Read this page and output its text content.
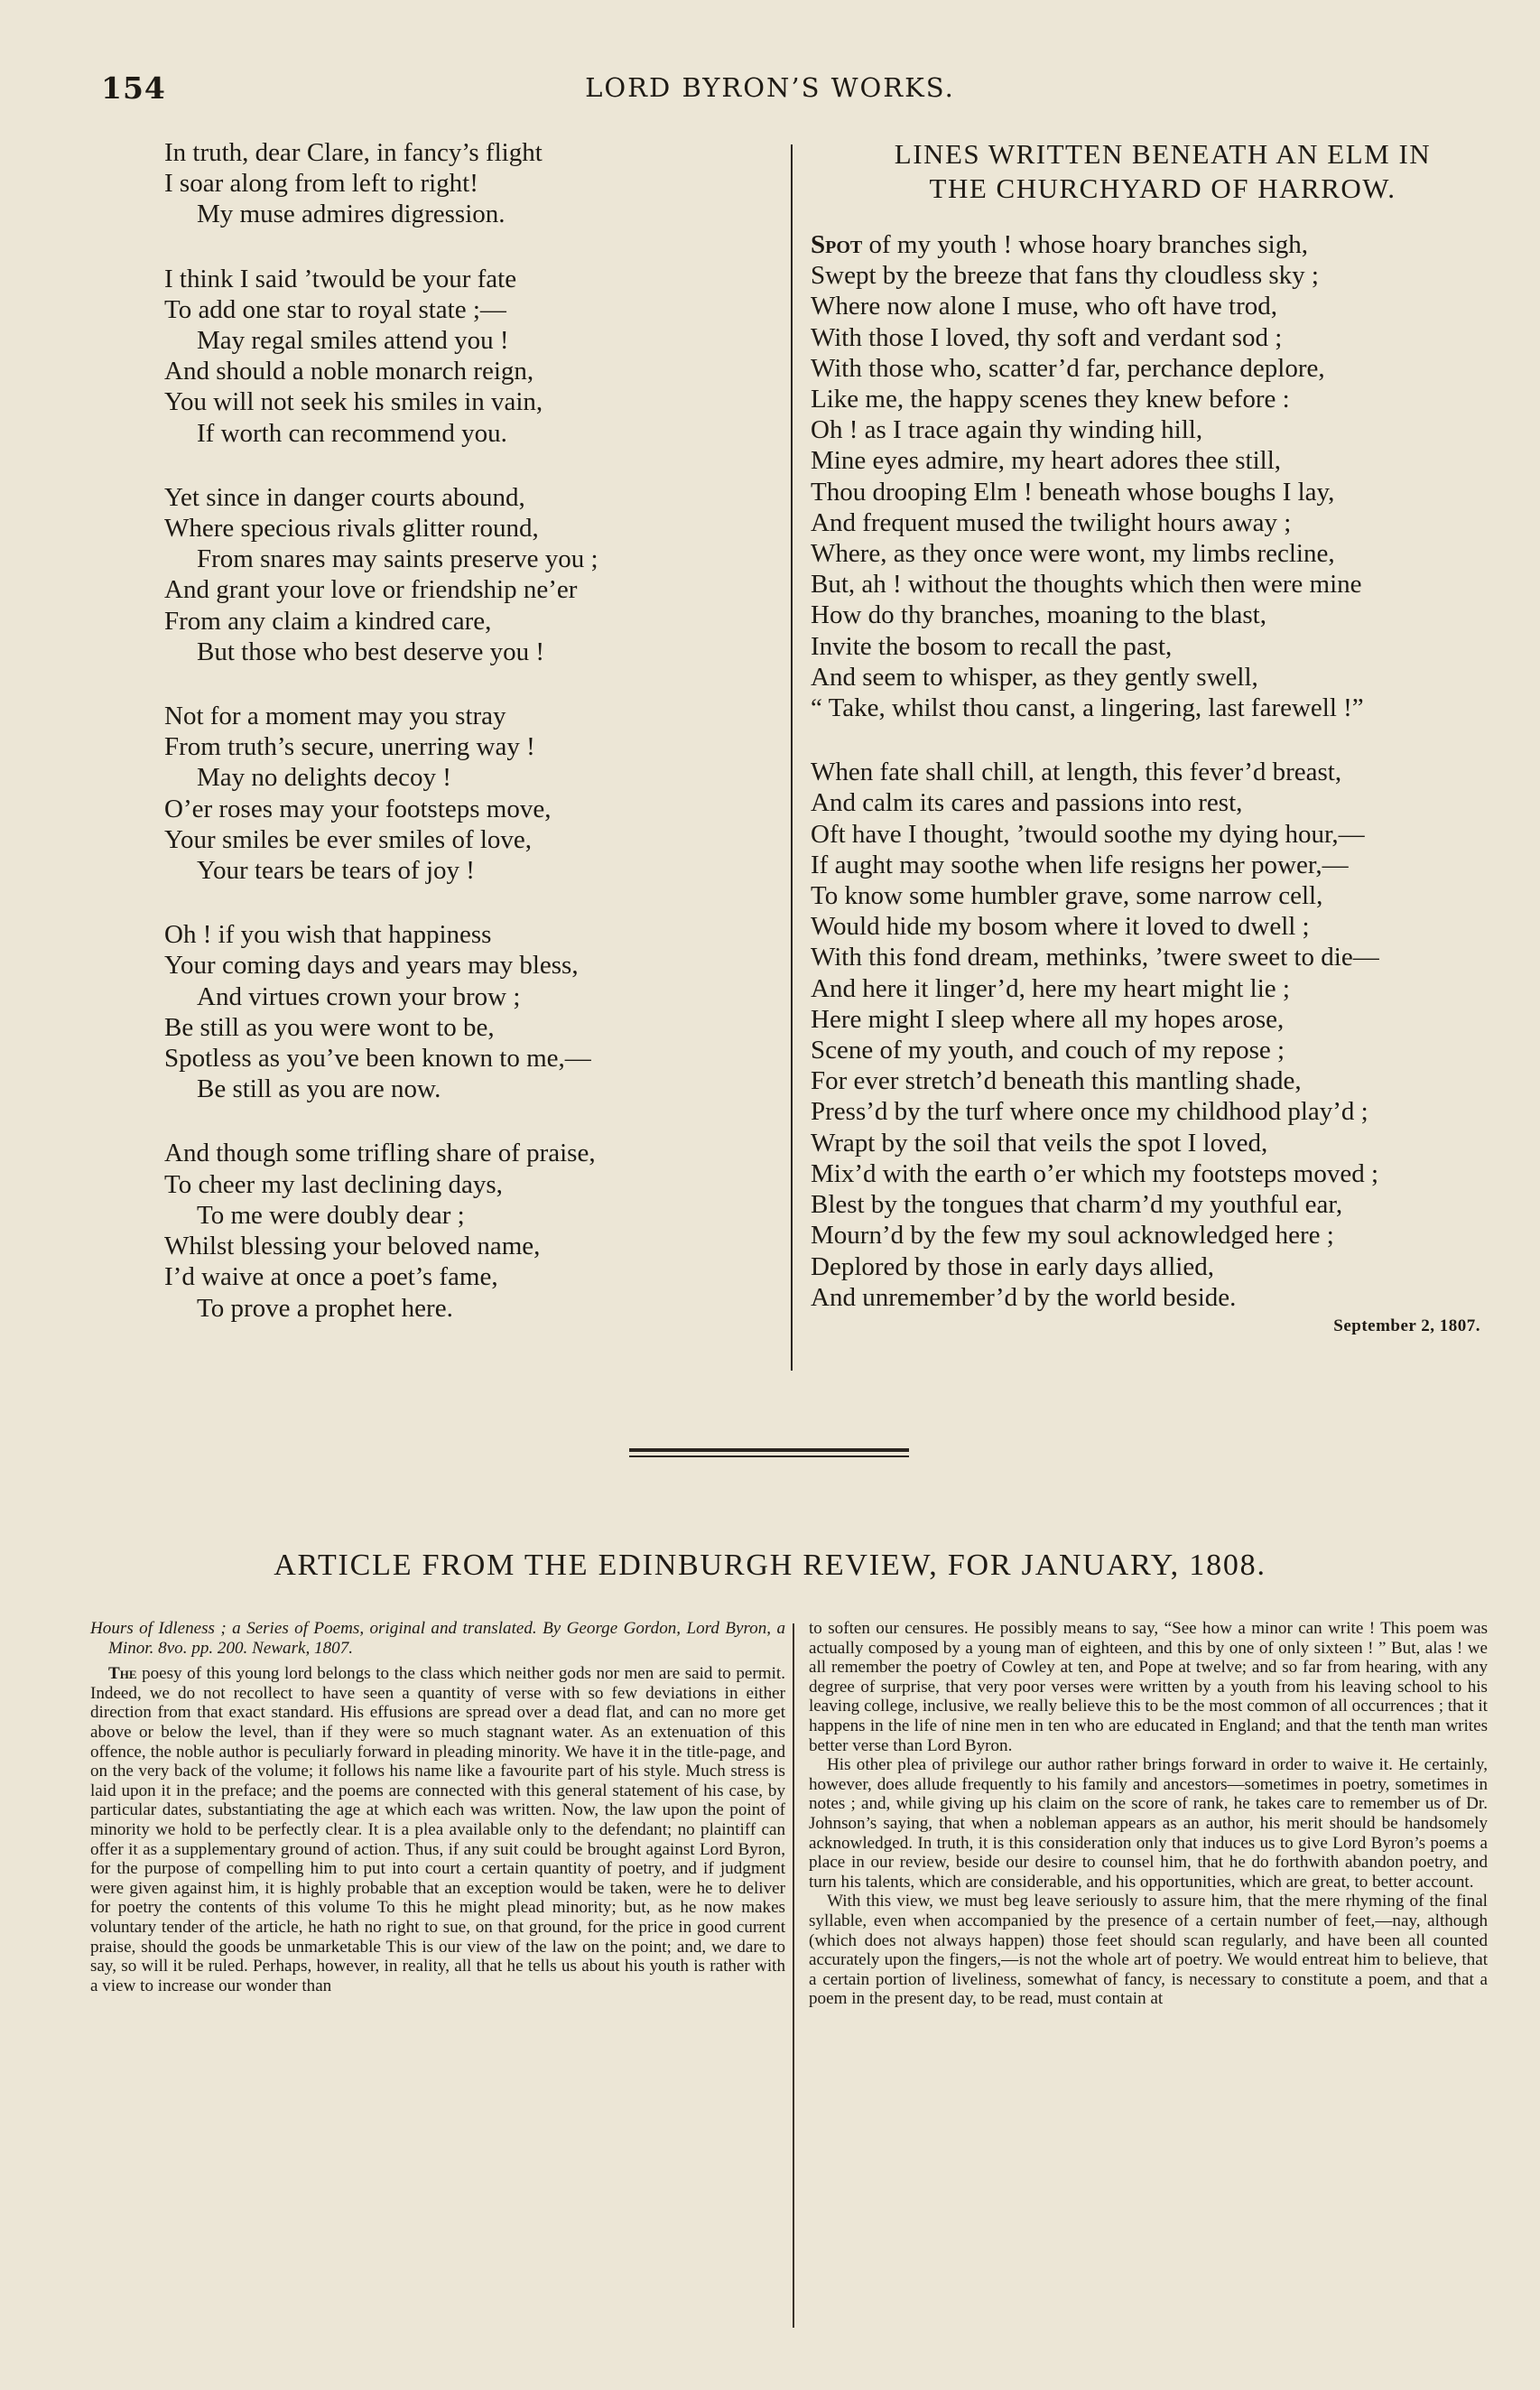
154	LORD BYRON’S WORKS.
In truth, dear Clare, in fancy’s flight
I soar along from left to right!
My muse admires digression.
I think I said ’twould be your fate
To add one star to royal state ;—
May regal smiles attend you !
And should a noble monarch reign,
You will not seek his smiles in vain,
If worth can recommend you.
Yet since in danger courts abound,
Where specious rivals glitter round,
From snares may saints preserve you ;
And grant your love or friendship ne’er
From any claim a kindred care,
But those who best deserve you !
Not for a moment may you stray
From truth’s secure, unerring way !
May no delights decoy !
O’er roses may your footsteps move,
Your smiles be ever smiles of love,
Your tears be tears of joy !
Oh ! if you wish that happiness
Your coming days and years may bless,
And virtues crown your brow ;
Be still as you were wont to be,
Spotless as you’ve been known to me,—
Be still as you are now.
And though some trifling share of praise,
To cheer my last declining days,
To me were doubly dear ;
Whilst blessing your beloved name,
I’d waive at once a poet’s fame,
To prove a prophet here.
LINES WRITTEN BENEATH AN ELM IN
THE CHURCHYARD OF HARROW.
Spot of my youth ! whose hoary branches sigh,
Swept by the breeze that fans thy cloudless sky ;
Where now alone I muse, who oft have trod,
With those I loved, thy soft and verdant sod ;
With those who, scatter’d far, perchance deplore,
Like me, the happy scenes they knew before :
Oh ! as I trace again thy winding hill,
Mine eyes admire, my heart adores thee still,
Thou drooping Elm ! beneath whose boughs I lay,
And frequent mused the twilight hours away ;
Where, as they once were wont, my limbs recline,
But, ah ! without the thoughts which then were mine
How do thy branches, moaning to the blast,
Invite the bosom to recall the past,
And seem to whisper, as they gently swell,
“ Take, whilst thou canst, a lingering, last farewell !”
When fate shall chill, at length, this fever’d breast,
And calm its cares and passions into rest,
Oft have I thought, ’twould soothe my dying hour,—
If aught may soothe when life resigns her power,—
To know some humbler grave, some narrow cell,
Would hide my bosom where it loved to dwell ;
With this fond dream, methinks, ’twere sweet to die—
And here it linger’d, here my heart might lie ;
Here might I sleep where all my hopes arose,
Scene of my youth, and couch of my repose ;
For ever stretch’d beneath this mantling shade,
Press’d by the turf where once my childhood play’d ;
Wrapt by the soil that veils the spot I loved,
Mix’d with the earth o’er which my footsteps moved ;
Blest by the tongues that charm’d my youthful ear,
Mourn’d by the few my soul acknowledged here ;
Deplored by those in early days allied,
And unremember’d by the world beside.
September 2, 1807.
ARTICLE FROM THE EDINBURGH REVIEW, FOR JANUARY, 1808.
Hours of Idleness ; a Series of Poems, original and translated. By George Gordon, Lord Byron, a Minor. 8vo. pp. 200. Newark, 1807.

The poesy of this young lord belongs to the class which neither gods nor men are said to permit. Indeed, we do not recollect to have seen a quantity of verse with so few deviations in either direction from that exact standard. His effusions are spread over a dead flat, and can no more get above or below the level, than if they were so much stagnant water. As an extenuation of this offence, the noble author is peculiarly forward in pleading minority. We have it in the title-page, and on the very back of the volume; it follows his name like a favourite part of his style. Much stress is laid upon it in the preface; and the poems are connected with this general statement of his case, by particular dates, substantiating the age at which each was written. Now, the law upon the point of minority we hold to be perfectly clear. It is a plea available only to the defendant; no plaintiff can offer it as a supplementary ground of action. Thus, if any suit could be brought against Lord Byron, for the purpose of compelling him to put into court a certain quantity of poetry, and if judgment were given against him, it is highly probable that an exception would be taken, were he to deliver for poetry the contents of this volume To this he might plead minority; but, as he now makes voluntary tender of the article, he hath no right to sue, on that ground, for the price in good current praise, should the goods be unmarketable This is our view of the law on the point; and, we dare to say, so will it be ruled. Perhaps, however, in reality, all that he tells us about his youth is rather with a view to increase our wonder than

to soften our censures. He possibly means to say, “See how a minor can write ! This poem was actually composed by a young man of eighteen, and this by one of only sixteen ! ” But, alas ! we all remember the poetry of Cowley at ten, and Pope at twelve; and so far from hearing, with any degree of surprise, that very poor verses were written by a youth from his leaving school to his leaving college, inclusive, we really believe this to be the most common of all occurrences ; that it happens in the life of nine men in ten who are educated in England; and that the tenth man writes better verse than Lord Byron.

His other plea of privilege our author rather brings forward in order to waive it. He certainly, however, does allude frequently to his family and ancestors—sometimes in poetry, sometimes in notes ; and, while giving up his claim on the score of rank, he takes care to remember us of Dr. Johnson’s saying, that when a nobleman appears as an author, his merit should be handsomely acknowledged. In truth, it is this consideration only that induces us to give Lord Byron’s poems a place in our review, beside our desire to counsel him, that he do forthwith abandon poetry, and turn his talents, which are considerable, and his opportunities, which are great, to better account.

With this view, we must beg leave seriously to assure him, that the mere rhyming of the final syllable, even when accompanied by the presence of a certain number of feet,—nay, although (which does not always happen) those feet should scan regularly, and have been all counted accurately upon the fingers,—is not the whole art of poetry. We would entreat him to believe, that a certain portion of liveliness, somewhat of fancy, is necessary to constitute a poem, and that a poem in the present day, to be read, must contain at
